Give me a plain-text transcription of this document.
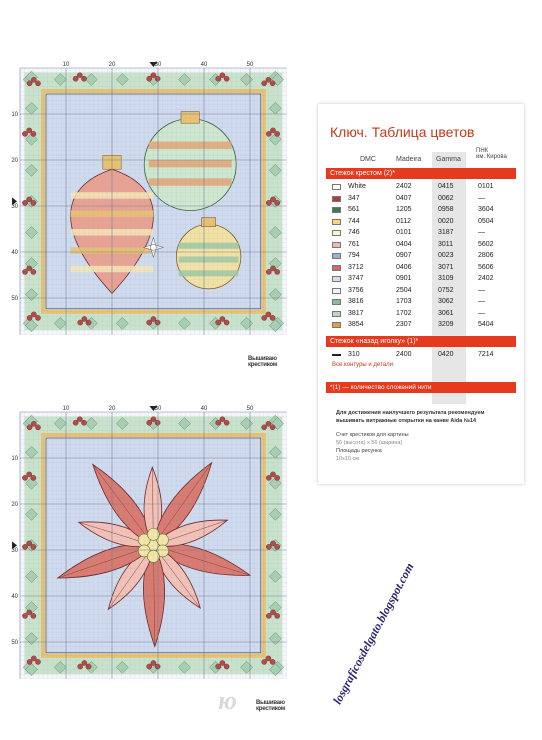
10	20	30	40	50
10
20
30
40
50
Вышиваю
крестиком
10	20	30	40	50
10
20
30
40
50
Вышиваю
крестиком
ю
Ключ. Таблица цветов
DMC	Madeira Gamma
ПНК
им. Кирова
Стежок крестом (2)*
White	2402	0415	0101
347	0407	0062	—
561	1205	0958	3604
744	0112	0020	0504
746	0101	3187	—
761	0404	3011	5602
794	0907	0023	2806
3712	0406	3071	5606
3747	0901	3109	2402
3756	2504	0752	—
3816	1703	3062	—
3817	1702	3061	—
3854	2307	3209	5404
Стежок «назад иголку» (1)*
310	2400	0420	7214
Все контуры и детали
*(1) — количество сложений нити
Для достижения наилучшего результата рекомендуем
вышивать витражные открытки на канве Aida №14
Счет крестиков для картины
56 (высота) x 56 (ширина)
Площадь рисунка
10x10 см
losgraficosdelgato.blogspot.com
